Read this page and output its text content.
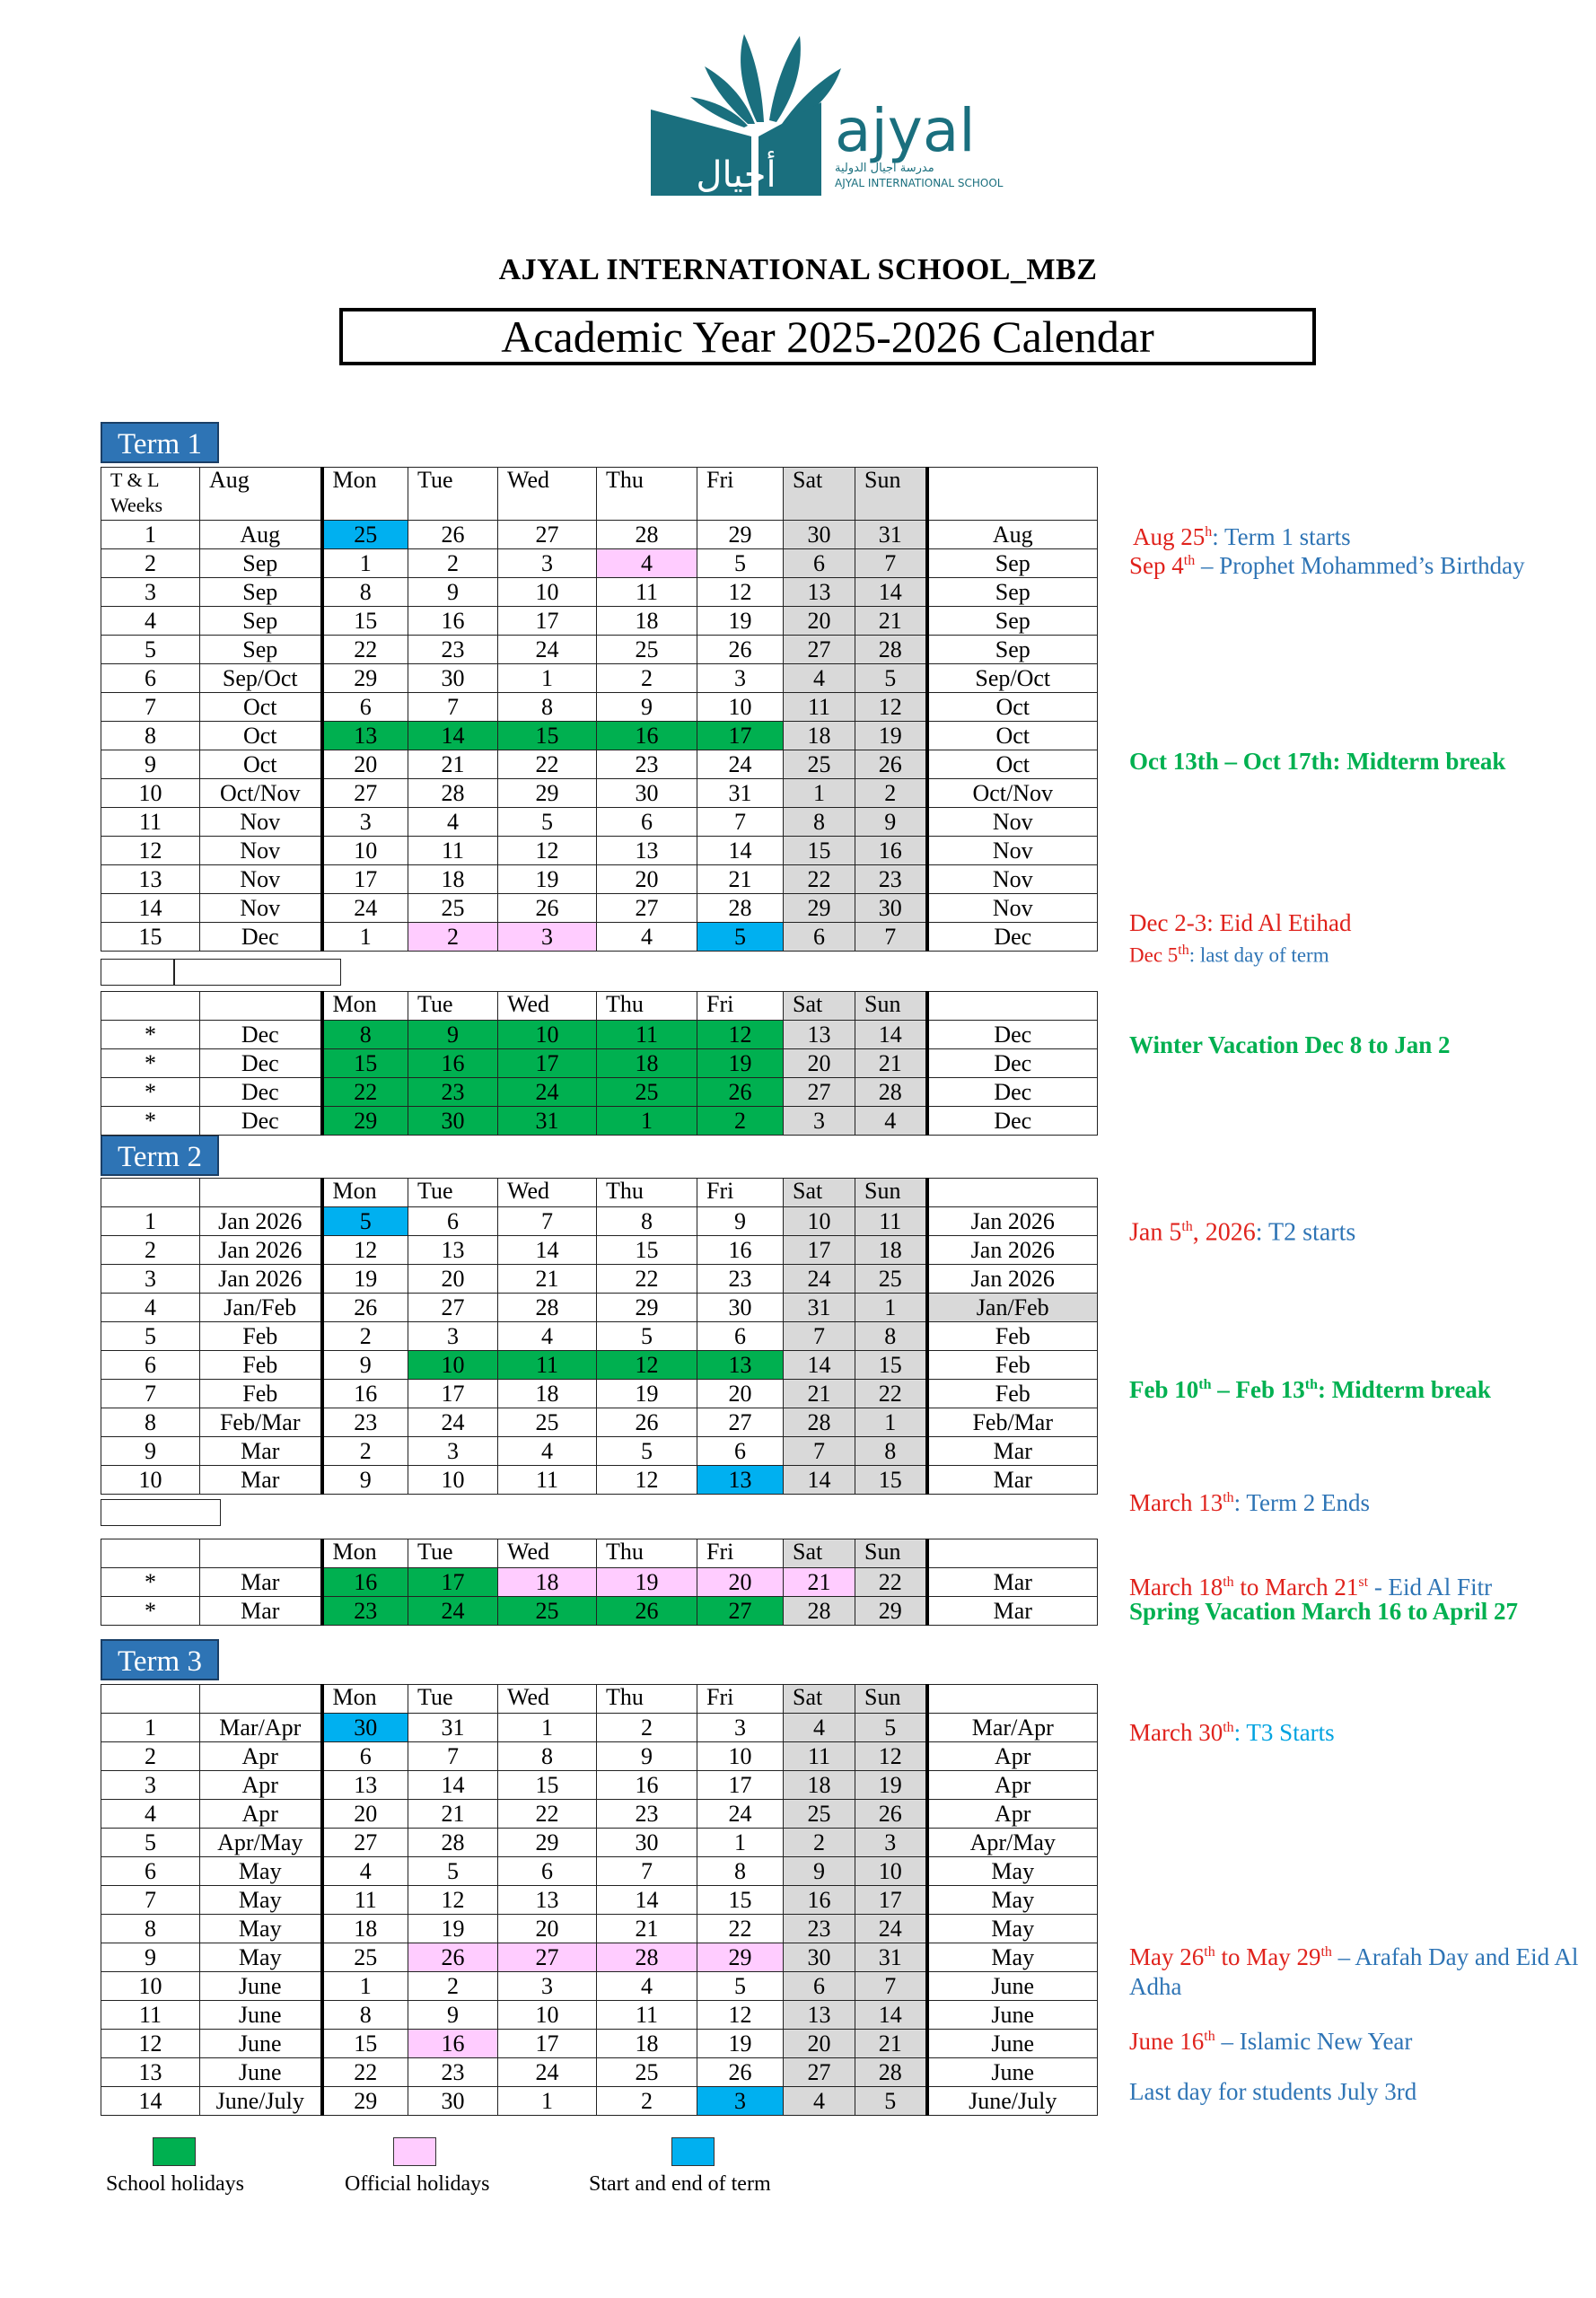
أجيال
ajyal
مدرسة أجيال الدولية
AJYAL INTERNATIONAL SCHOOL
AJYAL INTERNATIONAL SCHOOL_MBZ
Academic Year 2025-2026 Calendar
Term 1
Term 2
Term 3
T & L Weeks	Aug	Mon	Tue	Wed	Thu	Fri	Sat	Sun	
1	Aug	25	26	27	28	29	30	31	Aug
2	Sep	1	2	3	4	5	6	7	Sep
3	Sep	8	9	10	11	12	13	14	Sep
4	Sep	15	16	17	18	19	20	21	Sep
5	Sep	22	23	24	25	26	27	28	Sep
6	Sep/Oct	29	30	1	2	3	4	5	Sep/Oct
7	Oct	6	7	8	9	10	11	12	Oct
8	Oct	13	14	15	16	17	18	19	Oct
9	Oct	20	21	22	23	24	25	26	Oct
10	Oct/Nov	27	28	29	30	31	1	2	Oct/Nov
11	Nov	3	4	5	6	7	8	9	Nov
12	Nov	10	11	12	13	14	15	16	Nov
13	Nov	17	18	19	20	21	22	23	Nov
14	Nov	24	25	26	27	28	29	30	Nov
15	Dec	1	2	3	4	5	6	7	Dec
		Mon	Tue	Wed	Thu	Fri	Sat	Sun	
*	Dec	8	9	10	11	12	13	14	Dec
*	Dec	15	16	17	18	19	20	21	Dec
*	Dec	22	23	24	25	26	27	28	Dec
*	Dec	29	30	31	1	2	3	4	Dec
		Mon	Tue	Wed	Thu	Fri	Sat	Sun	
1	Jan 2026	5	6	7	8	9	10	11	Jan 2026
2	Jan 2026	12	13	14	15	16	17	18	Jan 2026
3	Jan 2026	19	20	21	22	23	24	25	Jan 2026
4	Jan/Feb	26	27	28	29	30	31	1	Jan/Feb
5	Feb	2	3	4	5	6	7	8	Feb
6	Feb	9	10	11	12	13	14	15	Feb
7	Feb	16	17	18	19	20	21	22	Feb
8	Feb/Mar	23	24	25	26	27	28	1	Feb/Mar
9	Mar	2	3	4	5	6	7	8	Mar
10	Mar	9	10	11	12	13	14	15	Mar
		Mon	Tue	Wed	Thu	Fri	Sat	Sun	
*	Mar	16	17	18	19	20	21	22	Mar
*	Mar	23	24	25	26	27	28	29	Mar
		Mon	Tue	Wed	Thu	Fri	Sat	Sun	
1	Mar/Apr	30	31	1	2	3	4	5	Mar/Apr
2	Apr	6	7	8	9	10	11	12	Apr
3	Apr	13	14	15	16	17	18	19	Apr
4	Apr	20	21	22	23	24	25	26	Apr
5	Apr/May	27	28	29	30	1	2	3	Apr/May
6	May	4	5	6	7	8	9	10	May
7	May	11	12	13	14	15	16	17	May
8	May	18	19	20	21	22	23	24	May
9	May	25	26	27	28	29	30	31	May
10	June	1	2	3	4	5	6	7	June
11	June	8	9	10	11	12	13	14	June
12	June	15	16	17	18	19	20	21	June
13	June	22	23	24	25	26	27	28	June
14	June/July	29	30	1	2	3	4	5	June/July
Aug 25$^h$: Term 1 starts
Sep 4th – Prophet Mohammed’s Birthday
Oct 13th – Oct 17th: Midterm break
Dec 2-3: Eid Al Etihad
Dec 5th: last day of term
Winter Vacation Dec 8 to Jan 2
Jan 5th, 2026: T2 starts
Feb 10th – Feb 13th: Midterm break
March 13th: Term 2 Ends
March 18th to March 21st - Eid Al Fitr
Spring Vacation March 16 to April 27
March 30th: T3 Starts
May 26th to May 29th – Arafah Day and Eid Al
Adha
June 16th – Islamic New Year
Last day for students July 3rd
School holidays	Official holidays	Start and end of term
